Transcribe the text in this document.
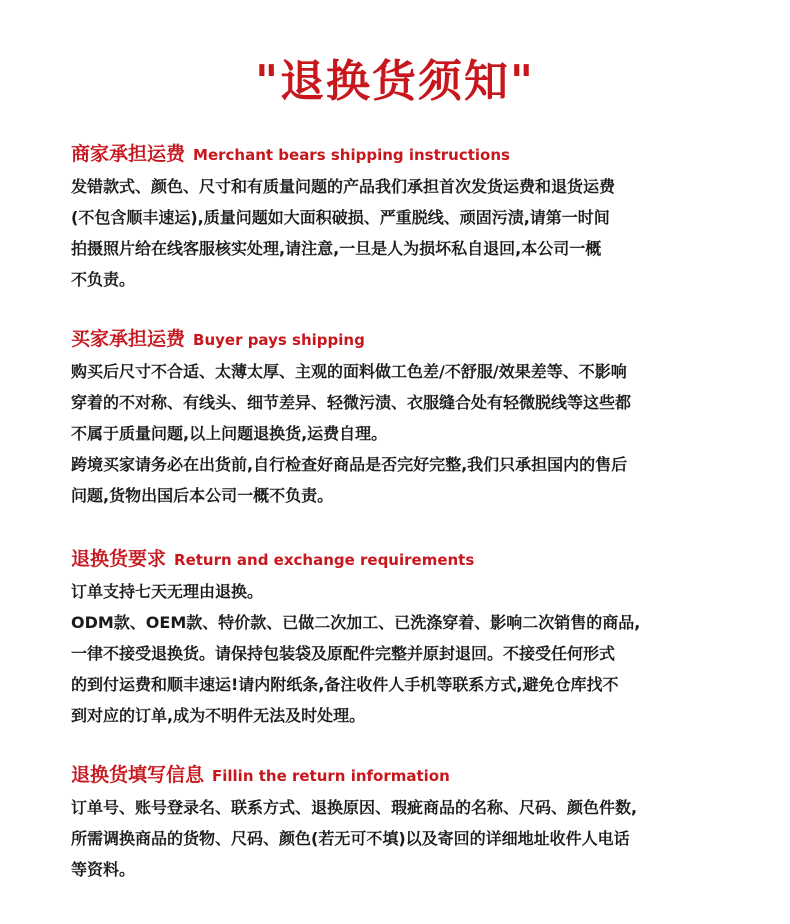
"退换货须知"
商家承担运费 Merchant bears shipping instructions
发错款式、颜色、尺寸和有质量问题的产品我们承担首次发货运费和退货运费
(不包含顺丰速运),质量问题如大面积破损、严重脱线、顽固污渍,请第一时间
拍摄照片给在线客服核实处理,请注意,一旦是人为损坏私自退回,本公司一概
不负责。
买家承担运费 Buyer pays shipping
购买后尺寸不合适、太薄太厚、主观的面料做工色差/不舒服/效果差等、不影响
穿着的不对称、有线头、细节差异、轻微污渍、衣服缝合处有轻微脱线等这些都
不属于质量问题,以上问题退换货,运费自理。
跨境买家请务必在出货前,自行检查好商品是否完好完整,我们只承担国内的售后
问题,货物出国后本公司一概不负责。
退换货要求 Return and exchange requirements
订单支持七天无理由退换。
ODM款、OEM款、特价款、已做二次加工、已洗涤穿着、影响二次销售的商品,
一律不接受退换货。请保持包装袋及原配件完整并原封退回。不接受任何形式
的到付运费和顺丰速运!请内附纸条,备注收件人手机等联系方式,避免仓库找不
到对应的订单,成为不明件无法及时处理。
退换货填写信息 Fillin the return information
订单号、账号登录名、联系方式、退换原因、瑕疵商品的名称、尺码、颜色件数,
所需调换商品的货物、尺码、颜色(若无可不填)以及寄回的详细地址收件人电话
等资料。
